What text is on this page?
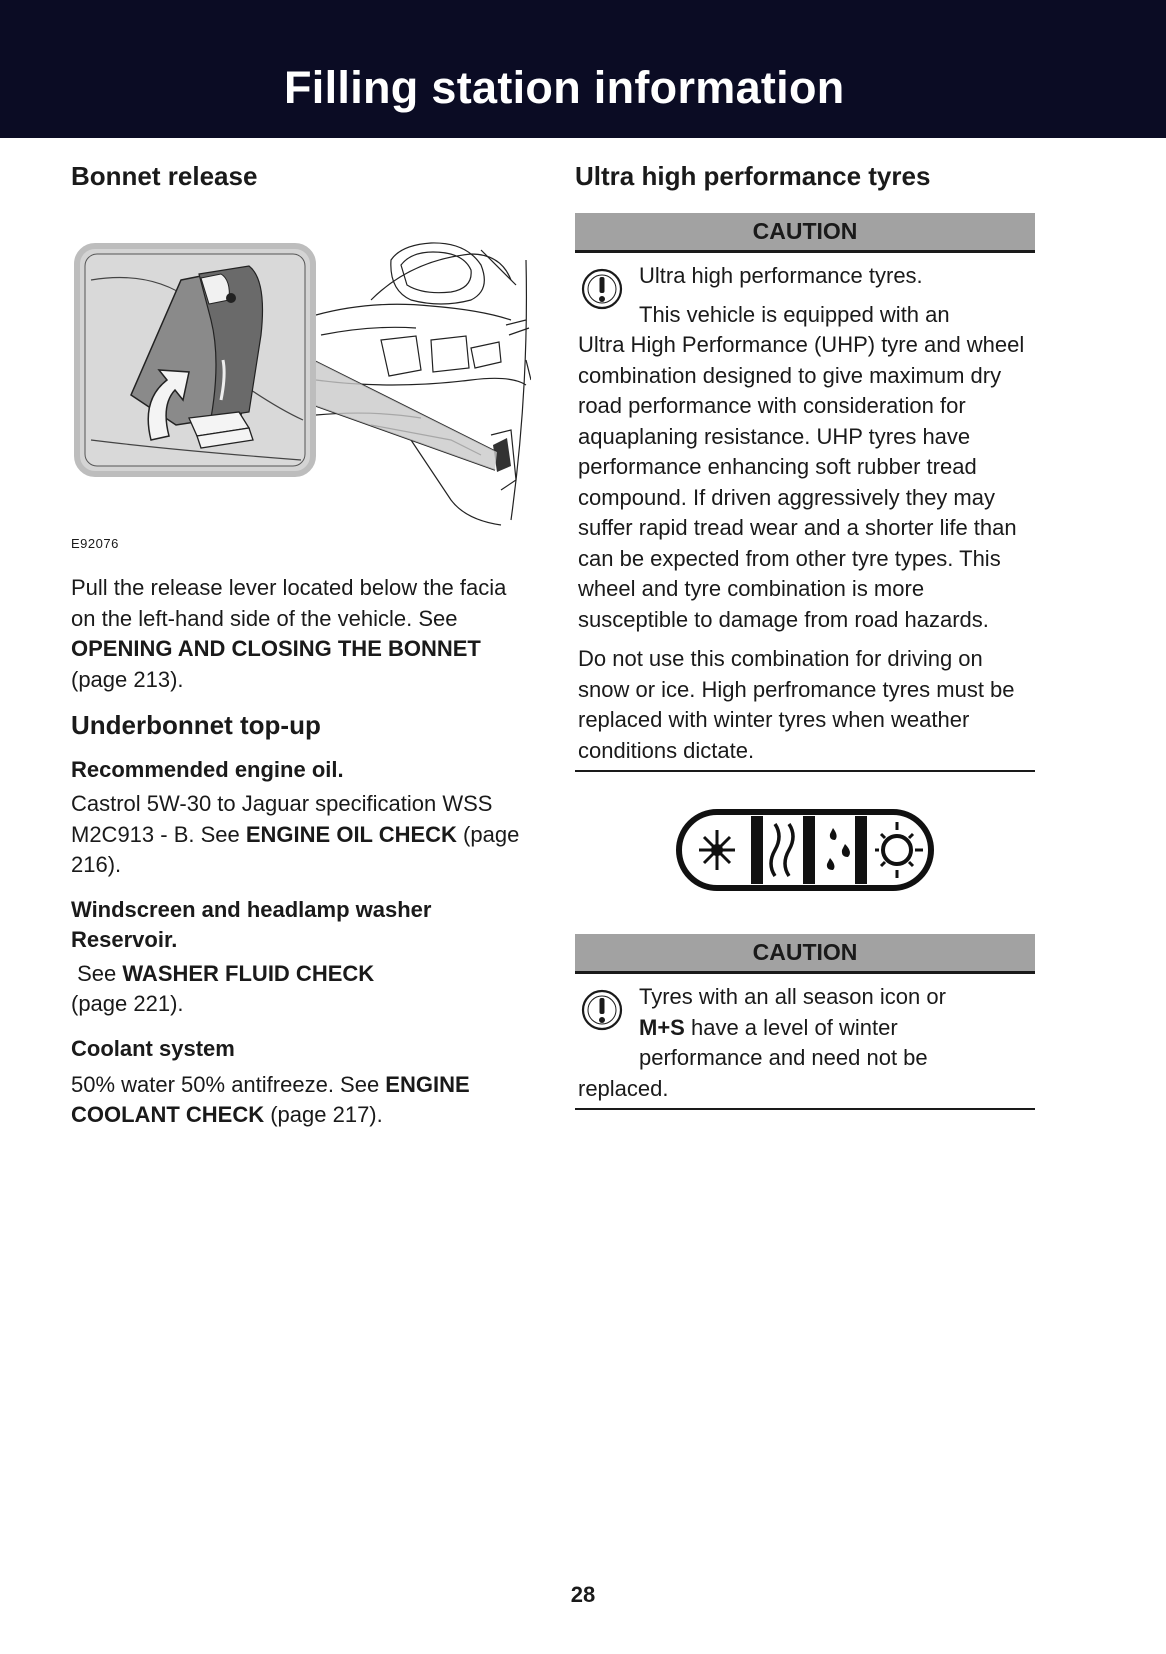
Filling station information
Bonnet release
E92076

Pull the release lever located below the facia on the left-hand side of the vehicle. See OPENING AND CLOSING THE BONNET (page 213).

Underbonnet top-up
Recommended engine oil.

Castrol 5W-30 to Jaguar specification WSS M2C913 - B. See ENGINE OIL CHECK (page 216).

Windscreen and headlamp washer Reservoir.

See WASHER FLUID CHECK
(page 221).

Coolant system

50% water 50% antifreeze. See ENGINE COOLANT CHECK (page 217).

Ultra high performance tyres
CAUTION

Ultra high performance tyres.

This vehicle is equipped with an

Ultra High Performance (UHP) tyre and wheel combination designed to give maximum dry road performance with consideration for aquaplaning resistance. UHP tyres have performance enhancing soft rubber tread compound. If driven aggressively they may suffer rapid tread wear and a shorter life than can be expected from other tyre types. This wheel and tyre combination is more susceptible to damage from road hazards.

Do not use this combination for driving on snow or ice. High perfromance tyres must be replaced with winter tyres when weather conditions dictate.

CAUTION

Tyres with an all season icon or

M+S have a level of winter

performance and need not be

replaced.

28
